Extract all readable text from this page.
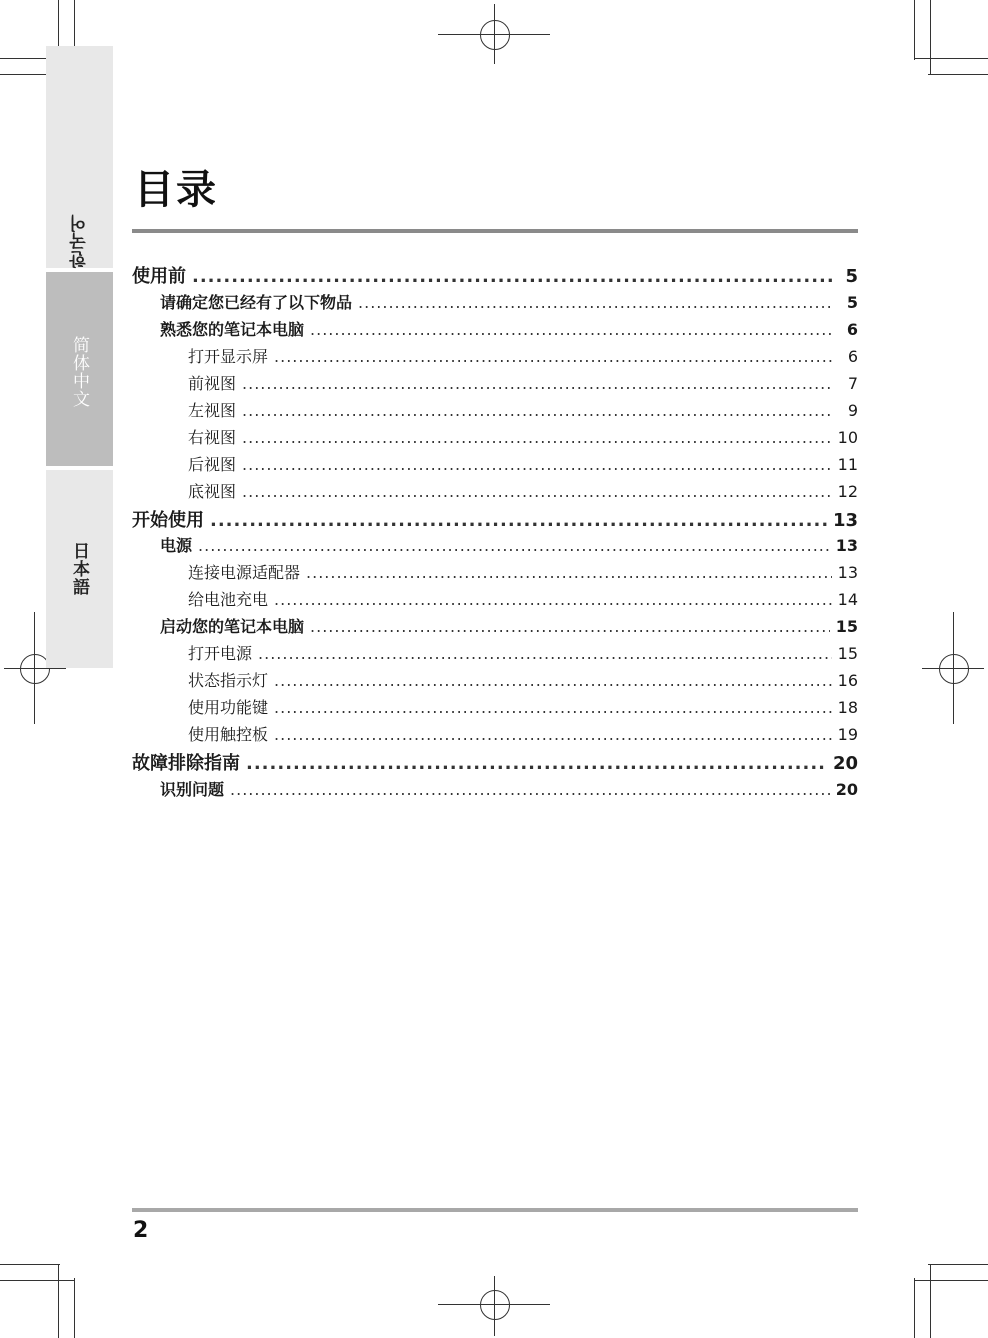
한국어
简体中文
日本語
目录
使用前 .....	5
请确定您已经有了以下物品 .....	5
熟悉您的笔记本电脑 .....	6
打开显示屏 .....	6
前视图 .....	7
左视图 .....	9
右视图 .....	10
后视图 .....	11
底视图 .....	12
开始使用 .....	13
电源 .....	13
连接电源适配器 .....	13
给电池充电 .....	14
启动您的笔记本电脑 .....	15
打开电源 .....	15
状态指示灯 .....	16
使用功能键 .....	18
使用触控板 .....	19
故障排除指南 .....	20
识别问题 .....	20
2
